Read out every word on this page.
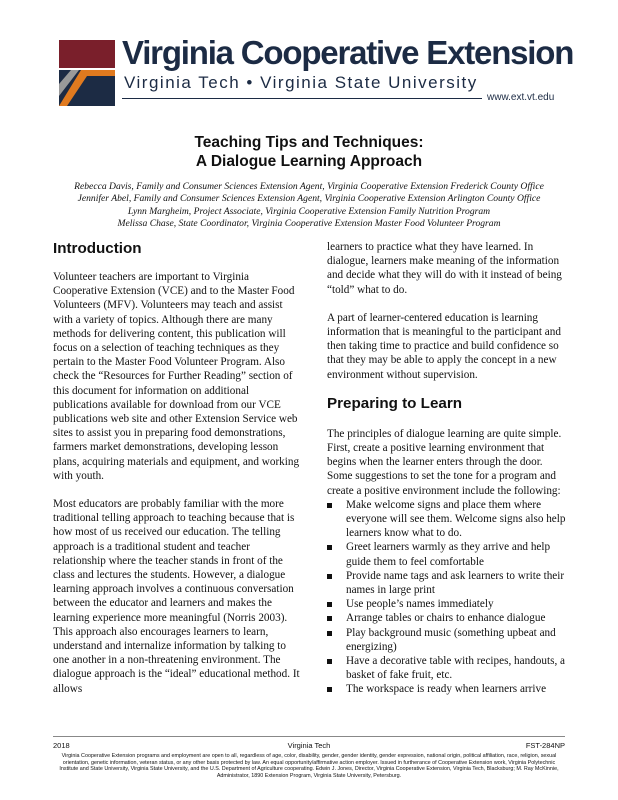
Virginia Cooperative Extension
Virginia Tech • Virginia State University
www.ext.vt.edu
Teaching Tips and Techniques:
A Dialogue Learning Approach
Rebecca Davis, Family and Consumer Sciences Extension Agent, Virginia Cooperative Extension Frederick County Office
Jennifer Abel, Family and Consumer Sciences Extension Agent, Virginia Cooperative Extension Arlington County Office
Lynn Margheim, Project Associate, Virginia Cooperative Extension Family Nutrition Program
Melissa Chase, State Coordinator, Virginia Cooperative Extension Master Food Volunteer Program
Introduction

Volunteer teachers are important to Virginia Cooperative Extension (VCE) and to the Master Food Volunteers (MFV). Volunteers may teach and assist with a variety of topics. Although there are many methods for delivering content, this publication will focus on a selection of teaching techniques as they pertain to the Master Food Volunteer Program. Also check the “Resources for Further Reading” section of this document for information on additional publications available for download from our VCE publications web site and other Extension Service web sites to assist you in preparing food demonstrations, farmers market demonstrations, developing lesson plans, acquiring materials and equipment, and working with youth.

Most educators are probably familiar with the more traditional telling approach to teaching because that is how most of us received our education. The telling approach is a traditional student and teacher relationship where the teacher stands in front of the class and lectures the students. However, a dialogue learning approach involves a continuous conversation between the educator and learners and makes the learning experience more meaningful (Norris 2003). This approach also encourages learners to learn, understand and internalize information by talking to one another in a non-threatening environment. The dialogue approach is the “ideal” educational method. It allows

learners to practice what they have learned. In dialogue, learners make meaning of the information and decide what they will do with it instead of being “told” what to do.

A part of learner-centered education is learning information that is meaningful to the participant and then taking time to practice and build confidence so that they may be able to apply the concept in a new environment without supervision.

Preparing to Learn

The principles of dialogue learning are quite simple. First, create a positive learning environment that begins when the learner enters through the door. Some suggestions to set the tone for a program and create a positive environment include the following:

Make welcome signs and place them where everyone will see them. Welcome signs also help learners know what to do.
Greet learners warmly as they arrive and help guide them to feel comfortable
Provide name tags and ask learners to write their names in large print
Use people’s names immediately
Arrange tables or chairs to enhance dialogue
Play background music (something upbeat and energizing)
Have a decorative table with recipes, handouts, a basket of fake fruit, etc.
The workspace is ready when learners arrive
2018	Virginia Tech	FST-284NP
Virginia Cooperative Extension programs and employment are open to all, regardless of age, color, disability, gender, gender identity, gender expression, national origin, political affiliation, race, religion, sexual orientation, genetic information, veteran status, or any other basis protected by law. An equal opportunity/affirmative action employer. Issued in furtherance of Cooperative Extension work, Virginia Polytechnic Institute and State University, Virginia State University, and the U.S. Department of Agriculture cooperating. Edwin J. Jones, Director, Virginia Cooperative Extension, Virginia Tech, Blacksburg; M. Ray McKinnie, Administrator, 1890 Extension Program, Virginia State University, Petersburg.
